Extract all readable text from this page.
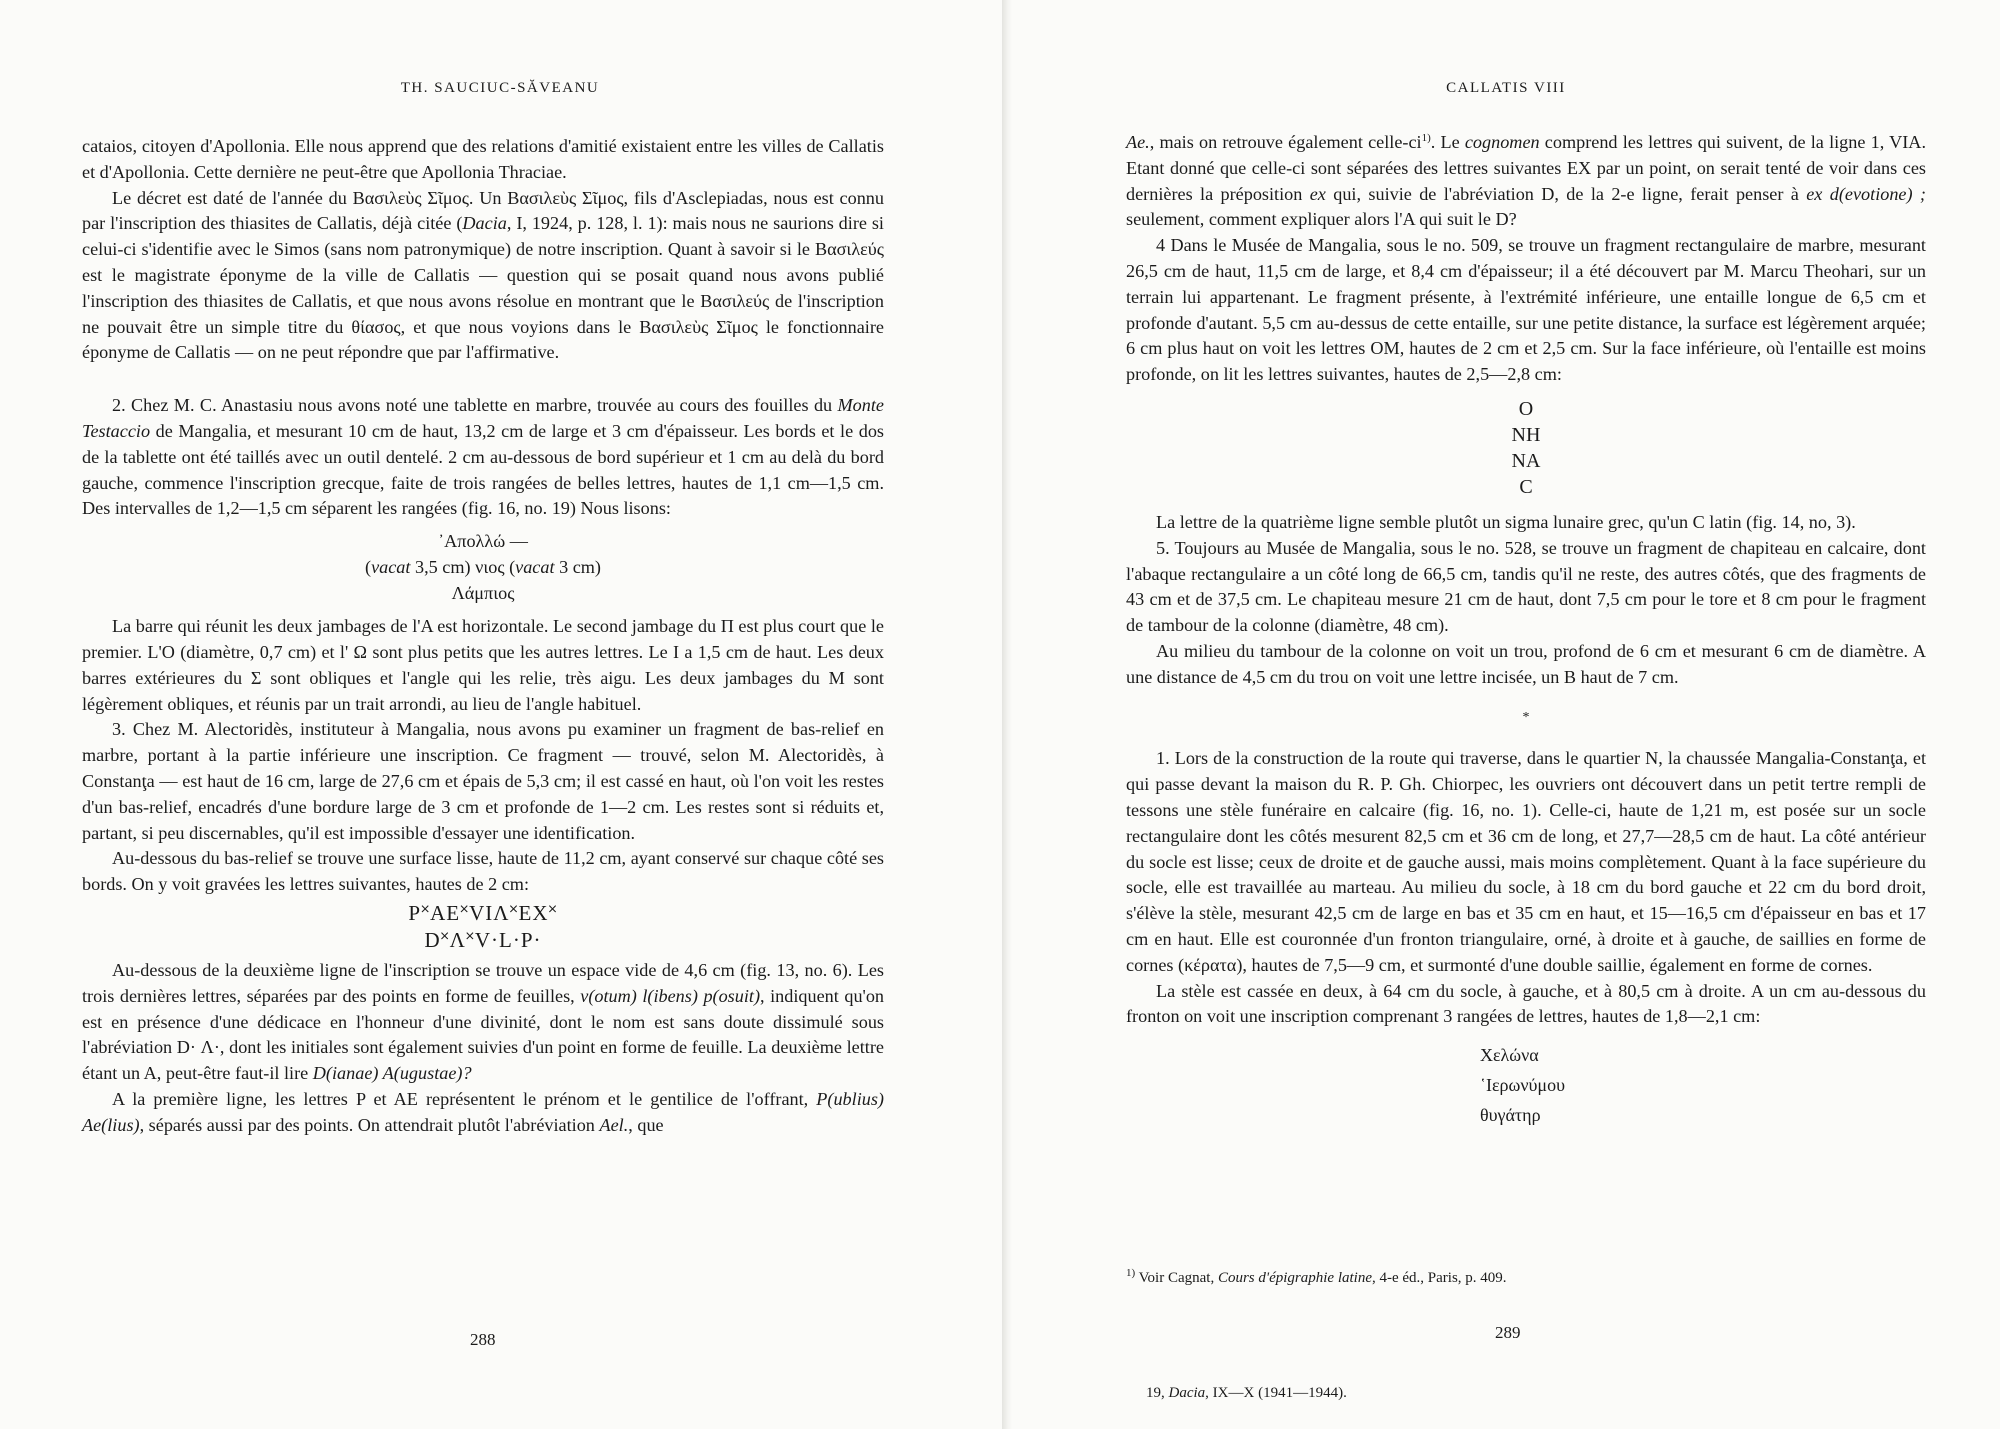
TH. SAUCIUC-SĂVEANU

cataios, citoyen d'Apollonia. Elle nous apprend que des relations d'amitié existaient entre les villes de Callatis et d'Apollonia. Cette dernière ne peut-être que Apollonia Thraciae.

Le décret est daté de l'année du Βασιλεὺς Σῖμος. Un Βασιλεὺς Σῖμος, fils d'Asclepiadas, nous est connu par l'inscription des thiasites de Callatis, déjà citée (Dacia, I, 1924, p. 128, l. 1): mais nous ne saurions dire si celui-ci s'identifie avec le Simos (sans nom patronymique) de notre inscription. Quant à savoir si le Βασιλεύς est le magistrate éponyme de la ville de Callatis — question qui se posait quand nous avons publié l'inscription des thiasites de Callatis, et que nous avons résolue en montrant que le Βασιλεύς de l'inscription ne pouvait être un simple titre du θίασος, et que nous voyions dans le Βασιλεὺς Σῖμος le fonctionnaire éponyme de Callatis — on ne peut répondre que par l'affirmative.

2. Chez M. C. Anastasiu nous avons noté une tablette en marbre, trouvée au cours des fouilles du Monte Testaccio de Mangalia, et mesurant 10 cm de haut, 13,2 cm de large et 3 cm d'épaisseur. Les bords et le dos de la tablette ont été taillés avec un outil dentelé. 2 cm au-dessous de bord supérieur et 1 cm au delà du bord gauche, commence l'inscription grecque, faite de trois rangées de belles lettres, hautes de 1,1 cm—1,5 cm. Des intervalles de 1,2—1,5 cm séparent les rangées (fig. 16, no. 19) Nous lisons:

᾽Απολλώ —
(vacat 3,5 cm) νιος (vacat 3 cm)
Λάμπιος

La barre qui réunit les deux jambages de l'A est horizontale. Le second jambage du Π est plus court que le premier. L'O (diamètre, 0,7 cm) et l' Ω sont plus petits que les autres lettres. Le I a 1,5 cm de haut. Les deux barres extérieures du Σ sont obliques et l'angle qui les relie, très aigu. Les deux jambages du M sont légèrement obliques, et réunis par un trait arrondi, au lieu de l'angle habituel.

3. Chez M. Alectoridès, instituteur à Mangalia, nous avons pu examiner un fragment de bas-relief en marbre, portant à la partie inférieure une inscription. Ce fragment — trouvé, selon M. Alectoridès, à Constanţa — est haut de 16 cm, large de 27,6 cm et épais de 5,3 cm; il est cassé en haut, où l'on voit les restes d'un bas-relief, encadrés d'une bordure large de 3 cm et profonde de 1—2 cm. Les restes sont si réduits et, partant, si peu discernables, qu'il est impossible d'essayer une identification.

Au-dessous du bas-relief se trouve une surface lisse, haute de 11,2 cm, ayant conservé sur chaque côté ses bords. On y voit gravées les lettres suivantes, hautes de 2 cm:

P˟AE˟VIΛ˟EX˟
D˟Λ˟V·L·P·

Au-dessous de la deuxième ligne de l'inscription se trouve un espace vide de 4,6 cm (fig. 13, no. 6). Les trois dernières lettres, séparées par des points en forme de feuilles, v(otum) l(ibens) p(osuit), indiquent qu'on est en présence d'une dédicace en l'honneur d'une divinité, dont le nom est sans doute dissimulé sous l'abréviation D· Λ·, dont les initiales sont également suivies d'un point en forme de feuille. La deuxième lettre étant un A, peut-être faut-il lire D(ianae) A(ugustae)?

A la première ligne, les lettres P et AE représentent le prénom et le gentilice de l'offrant, P(ublius) Ae(lius), séparés aussi par des points. On attendrait plutôt l'abréviation Ael., que

288
CALLATIS VIII

Ae., mais on retrouve également celle-$ci^{1)}$. Le cognomen comprend les lettres qui suivent, de la ligne 1, VIA. Etant donné que celle-ci sont séparées des lettres suivantes EX par un point, on serait tenté de voir dans ces dernières la préposition ex qui, suivie de l'abréviation D, de la 2-e ligne, ferait penser à ex d(evotione) ; seulement, comment expliquer alors l'A qui suit le D?

4 Dans le Musée de Mangalia, sous le no. 509, se trouve un fragment rectangulaire de marbre, mesurant 26,5 cm de haut, 11,5 cm de large, et 8,4 cm d'épaisseur; il a été découvert par M. Marcu Theohari, sur un terrain lui appartenant. Le fragment présente, à l'extrémité inférieure, une entaille longue de 6,5 cm et profonde d'autant. 5,5 cm au-dessus de cette entaille, sur une petite distance, la surface est légèrement arquée; 6 cm plus haut on voit les lettres OM, hautes de 2 cm et 2,5 cm. Sur la face inférieure, où l'entaille est moins profonde, on lit les lettres suivantes, hautes de 2,5—2,8 cm:

O
NH
NA
C

La lettre de la quatrième ligne semble plutôt un sigma lunaire grec, qu'un C latin (fig. 14, no, 3).

5. Toujours au Musée de Mangalia, sous le no. 528, se trouve un fragment de chapiteau en calcaire, dont l'abaque rectangulaire a un côté long de 66,5 cm, tandis qu'il ne reste, des autres côtés, que des fragments de 43 cm et de 37,5 cm. Le chapiteau mesure 21 cm de haut, dont 7,5 cm pour le tore et 8 cm pour le fragment de tambour de la colonne (diamètre, 48 cm).

Au milieu du tambour de la colonne on voit un trou, profond de 6 cm et mesurant 6 cm de diamètre. A une distance de 4,5 cm du trou on voit une lettre incisée, un B haut de 7 cm.

*

1. Lors de la construction de la route qui traverse, dans le quartier N, la chaussée Mangalia-Constanţa, et qui passe devant la maison du R. P. Gh. Chiorpec, les ouvriers ont découvert dans un petit tertre rempli de tessons une stèle funéraire en calcaire (fig. 16, no. 1). Celle-ci, haute de 1,21 m, est posée sur un socle rectangulaire dont les côtés mesurent 82,5 cm et 36 cm de long, et 27,7—28,5 cm de haut. La côté antérieur du socle est lisse; ceux de droite et de gauche aussi, mais moins complètement. Quant à la face supérieure du socle, elle est travaillée au marteau. Au milieu du socle, à 18 cm du bord gauche et 22 cm du bord droit, s'élève la stèle, mesurant 42,5 cm de large en bas et 35 cm en haut, et 15—16,5 cm d'épaisseur en bas et 17 cm en haut. Elle est couronnée d'un fronton triangulaire, orné, à droite et à gauche, de saillies en forme de cornes (κέρατα), hautes de 7,5—9 cm, et surmonté d'une double saillie, également en forme de cornes.

La stèle est cassée en deux, à 64 cm du socle, à gauche, et à 80,5 cm à droite. A un cm au-dessous du fronton on voit une inscription comprenant 3 rangées de lettres, hautes de 1,8—2,1 cm:

Χελώνα
῾Ιερωνύμου
θυγάτηρ
$^{1)}$ Voir Cagnat, Cours d'épigraphie latine, 4-e éd., Paris, p. 409.
289
19, Dacia, IX—X (1941—1944).
